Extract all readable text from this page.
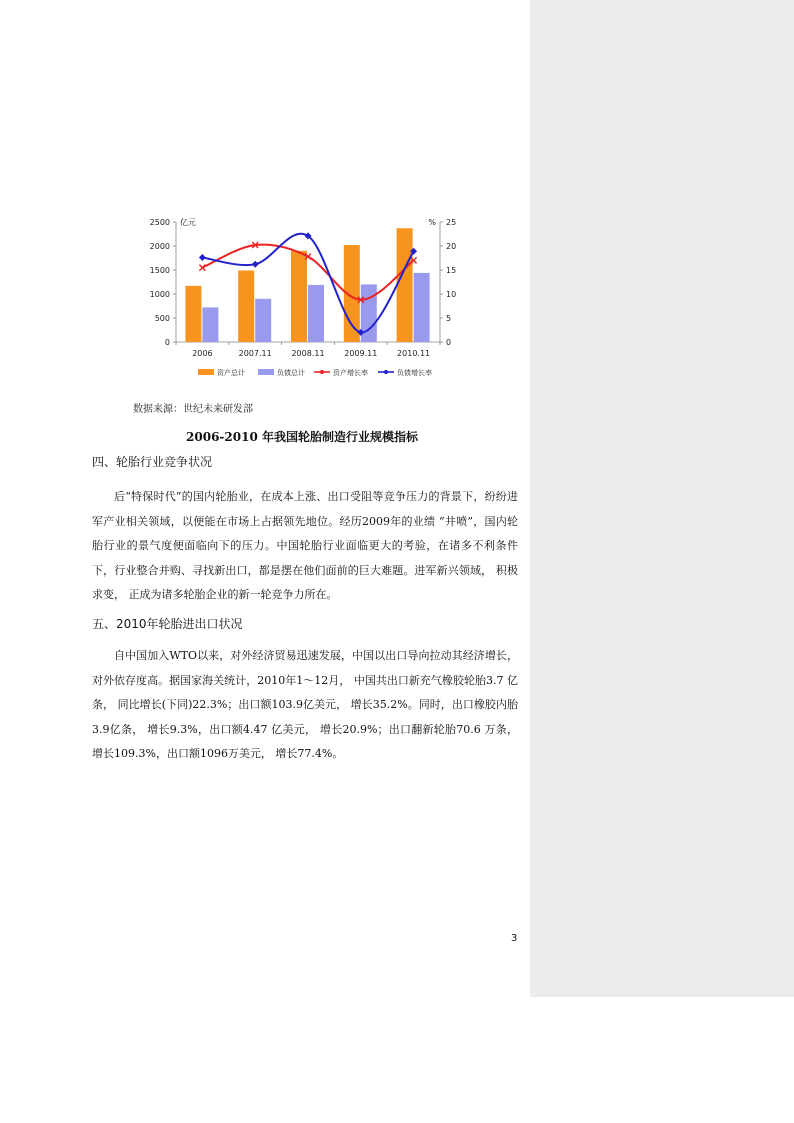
0
500
1000
1500
2000
2500
0
5
10
15
20
25
亿元	%
2006	2007.11 2008.11 2009.11 2010.11
资产总计	负债总计	资产增长率	负债增长率
数据来源：世纪未来研发部
2006-2010 年我国轮胎制造行业规模指标
四、轮胎行业竞争状况
后“特保时代”的国内轮胎业，在成本上涨、出口受阻等竞争压力的背景下，纷纷进军产业相关领域，以便能在市场上占据领先地位。经历2009年的业绩 “井喷”，国内轮胎行业的景气度便面临向下的压力。中国轮胎行业面临更大的考验，在诸多不利条件下，行业整合并购、寻找新出口，都是摆在他们面前的巨大难题。进军新兴领域， 积极求变， 正成为诸多轮胎企业的新一轮竞争力所在。
五、2010年轮胎进出口状况
自中国加入WTO以来，对外经济贸易迅速发展，中国以出口导向拉动其经济增长， 对外依存度高。据国家海关统计，2010年1～12月， 中国共出口新充气橡胶轮胎3.7 亿条， 同比增长(下同)22.3%；出口额103.9亿美元， 增长35.2%。同时，出口橡胶内胎3.9亿条， 增长9.3%，出口额4.47 亿美元， 增长20.9%；出口翻新轮胎70.6 万条， 增长109.3%，出口额1096万美元， 增长77.4%。
3
